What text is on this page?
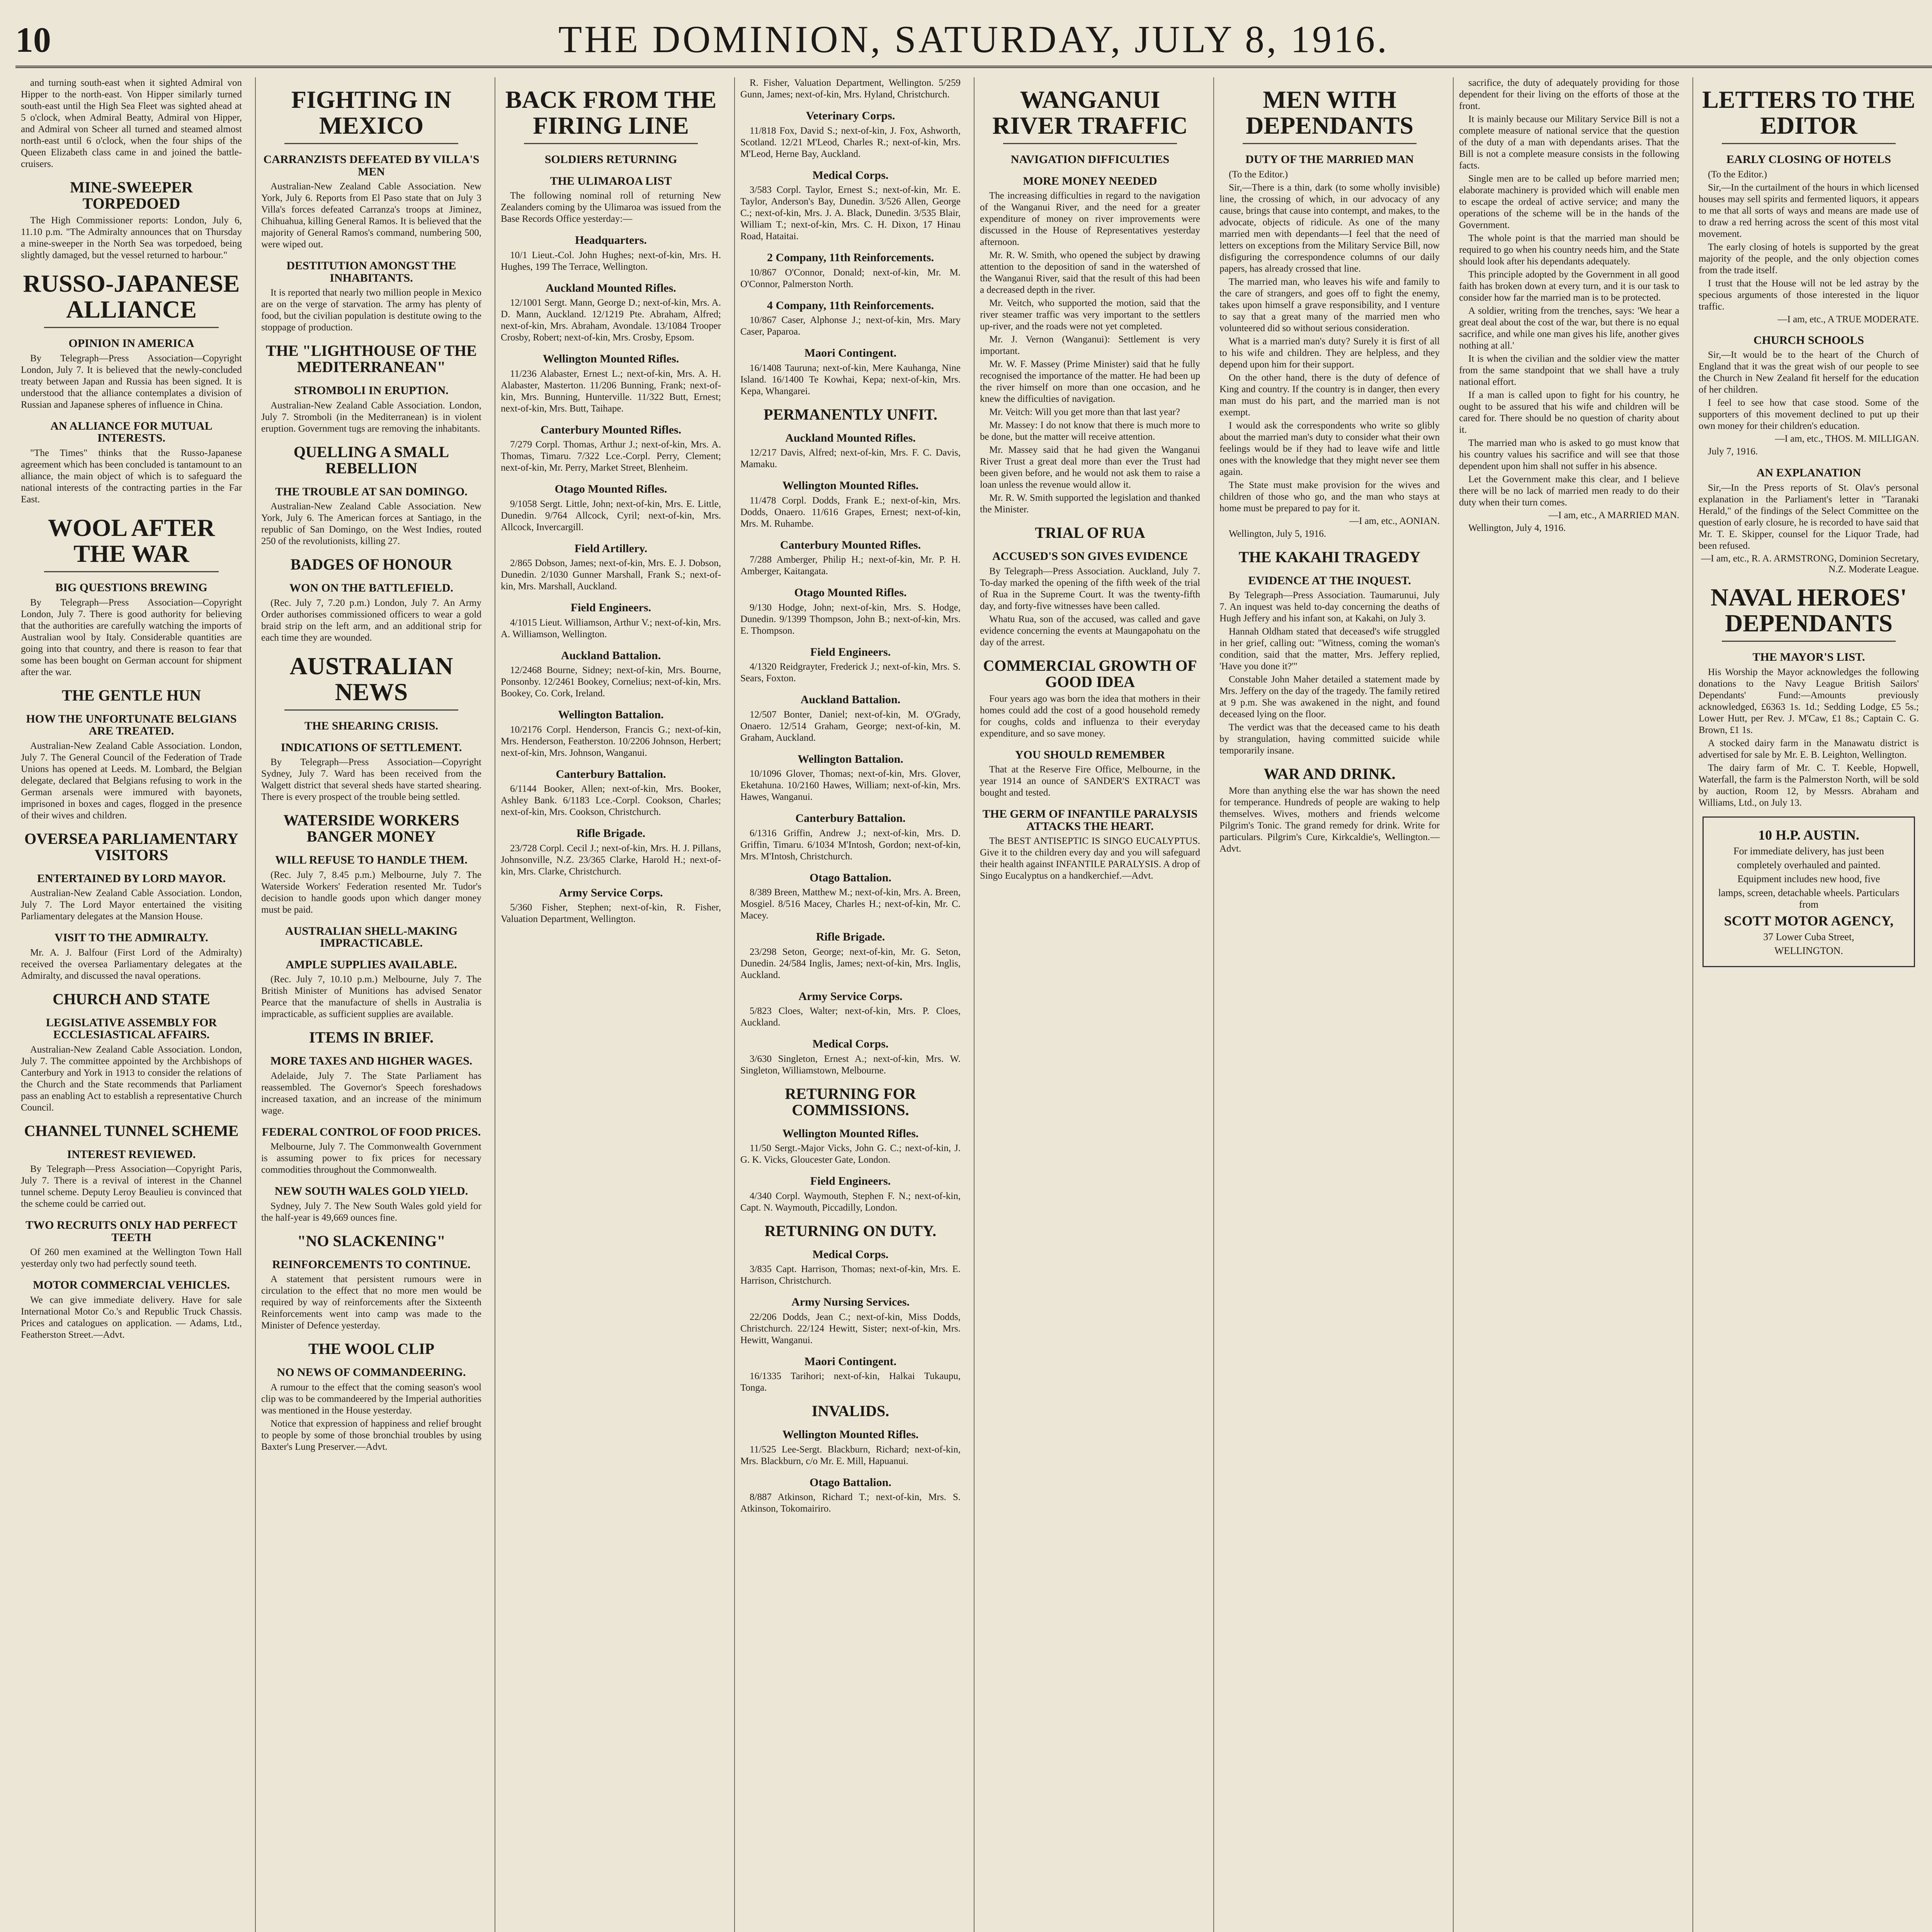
10	THE DOMINION, SATURDAY, JULY 8, 1916.

and turning south-east when it sighted Admiral von Hipper to the north-east. Von Hipper similarly turned south-east until the High Sea Fleet was sighted ahead at 5 o'clock, when Admiral Beatty, Admiral von Hipper, and Admiral von Scheer all turned and steamed almost north-east until 6 o'clock, when the four ships of the Queen Elizabeth class came in and joined the battle-cruisers.

MINE-SWEEPER TORPEDOED

The High Commissioner reports: London, July 6, 11.10 p.m. "The Admiralty announces that on Thursday a mine-sweeper in the North Sea was torpedoed, being slightly damaged, but the vessel returned to harbour."

RUSSO-JAPANESE ALLIANCE
OPINION IN AMERICA

By Telegraph—Press Association—Copyright London, July 7. It is believed that the newly-concluded treaty between Japan and Russia has been signed. It is understood that the alliance contemplates a division of Russian and Japanese spheres of influence in China.

AN ALLIANCE FOR MUTUAL INTERESTS.

"The Times" thinks that the Russo-Japanese agreement which has been concluded is tantamount to an alliance, the main object of which is to safeguard the national interests of the contracting parties in the Far East.

WOOL AFTER THE WAR
BIG QUESTIONS BREWING

By Telegraph—Press Association—Copyright London, July 7. There is good authority for believing that the authorities are carefully watching the imports of Australian wool by Italy. Considerable quantities are going into that country, and there is reason to fear that some has been bought on German account for shipment after the war.

THE GENTLE HUN
HOW THE UNFORTUNATE BELGIANS ARE TREATED.

Australian-New Zealand Cable Association. London, July 7. The General Council of the Federation of Trade Unions has opened at Leeds. M. Lombard, the Belgian delegate, declared that Belgians refusing to work in the German arsenals were immured with bayonets, imprisoned in boxes and cages, flogged in the presence of their wives and children.

OVERSEA PARLIAMENTARY VISITORS
ENTERTAINED BY LORD MAYOR.

Australian-New Zealand Cable Association. London, July 7. The Lord Mayor entertained the visiting Parliamentary delegates at the Mansion House.

VISIT TO THE ADMIRALTY.

Mr. A. J. Balfour (First Lord of the Admiralty) received the oversea Parliamentary delegates at the Admiralty, and discussed the naval operations.

CHURCH AND STATE
LEGISLATIVE ASSEMBLY FOR ECCLESIASTICAL AFFAIRS.

Australian-New Zealand Cable Association. London, July 7. The committee appointed by the Archbishops of Canterbury and York in 1913 to consider the relations of the Church and the State recommends that Parliament pass an enabling Act to establish a representative Church Council.

CHANNEL TUNNEL SCHEME
INTEREST REVIEWED.

By Telegraph—Press Association—Copyright Paris, July 7. There is a revival of interest in the Channel tunnel scheme. Deputy Leroy Beaulieu is convinced that the scheme could be carried out.

TWO RECRUITS ONLY HAD PERFECT TEETH

Of 260 men examined at the Wellington Town Hall yesterday only two had perfectly sound teeth.

MOTOR COMMERCIAL VEHICLES.

We can give immediate delivery. Have for sale International Motor Co.'s and Republic Truck Chassis. Prices and catalogues on application. — Adams, Ltd., Featherston Street.—Advt.

FIGHTING IN MEXICO
CARRANZISTS DEFEATED BY VILLA'S MEN

Australian-New Zealand Cable Association. New York, July 6. Reports from El Paso state that on July 3 Villa's forces defeated Carranza's troops at Jiminez, Chihuahua, killing General Ramos. It is believed that the majority of General Ramos's command, numbering 500, were wiped out.

DESTITUTION AMONGST THE INHABITANTS.

It is reported that nearly two million people in Mexico are on the verge of starvation. The army has plenty of food, but the civilian population is destitute owing to the stoppage of production.

THE "LIGHTHOUSE OF THE MEDITERRANEAN"
STROMBOLI IN ERUPTION.

Australian-New Zealand Cable Association. London, July 7. Stromboli (in the Mediterranean) is in violent eruption. Government tugs are removing the inhabitants.

QUELLING A SMALL REBELLION
THE TROUBLE AT SAN DOMINGO.

Australian-New Zealand Cable Association. New York, July 6. The American forces at Santiago, in the republic of San Domingo, on the West Indies, routed 250 of the revolutionists, killing 27.

BADGES OF HONOUR
WON ON THE BATTLEFIELD.

(Rec. July 7, 7.20 p.m.) London, July 7. An Army Order authorises commissioned officers to wear a gold braid strip on the left arm, and an additional strip for each time they are wounded.

AUSTRALIAN NEWS
THE SHEARING CRISIS.
INDICATIONS OF SETTLEMENT.

By Telegraph—Press Association—Copyright Sydney, July 7. Ward has been received from the Walgett district that several sheds have started shearing. There is every prospect of the trouble being settled.

WATERSIDE WORKERS BANGER MONEY
WILL REFUSE TO HANDLE THEM.

(Rec. July 7, 8.45 p.m.) Melbourne, July 7. The Waterside Workers' Federation resented Mr. Tudor's decision to handle goods upon which danger money must be paid.

AUSTRALIAN SHELL-MAKING IMPRACTICABLE.
AMPLE SUPPLIES AVAILABLE.

(Rec. July 7, 10.10 p.m.) Melbourne, July 7. The British Minister of Munitions has advised Senator Pearce that the manufacture of shells in Australia is impracticable, as sufficient supplies are available.

ITEMS IN BRIEF.
MORE TAXES AND HIGHER WAGES.

Adelaide, July 7. The State Parliament has reassembled. The Governor's Speech foreshadows increased taxation, and an increase of the minimum wage.

FEDERAL CONTROL OF FOOD PRICES.

Melbourne, July 7. The Commonwealth Government is assuming power to fix prices for necessary commodities throughout the Commonwealth.

NEW SOUTH WALES GOLD YIELD.

Sydney, July 7. The New South Wales gold yield for the half-year is 49,669 ounces fine.

"NO SLACKENING"
REINFORCEMENTS TO CONTINUE.

A statement that persistent rumours were in circulation to the effect that no more men would be required by way of reinforcements after the Sixteenth Reinforcements went into camp was made to the Minister of Defence yesterday.

THE WOOL CLIP
NO NEWS OF COMMANDEERING.

A rumour to the effect that the coming season's wool clip was to be commandeered by the Imperial authorities was mentioned in the House yesterday.

Notice that expression of happiness and relief brought to people by some of those bronchial troubles by using Baxter's Lung Preserver.—Advt.

BACK FROM THE FIRING LINE
SOLDIERS RETURNING
THE ULIMAROA LIST

The following nominal roll of returning New Zealanders coming by the Ulimaroa was issued from the Base Records Office yesterday:—

Headquarters.

10/1 Lieut.-Col. John Hughes; next-of-kin, Mrs. H. Hughes, 199 The Terrace, Wellington.

Auckland Mounted Rifles.

12/1001 Sergt. Mann, George D.; next-of-kin, Mrs. A. D. Mann, Auckland. 12/1219 Pte. Abraham, Alfred; next-of-kin, Mrs. Abraham, Avondale. 13/1084 Trooper Crosby, Robert; next-of-kin, Mrs. Crosby, Epsom.

Wellington Mounted Rifles.

11/236 Alabaster, Ernest L.; next-of-kin, Mrs. A. H. Alabaster, Masterton. 11/206 Bunning, Frank; next-of-kin, Mrs. Bunning, Hunterville. 11/322 Butt, Ernest; next-of-kin, Mrs. Butt, Taihape.

Canterbury Mounted Rifles.

7/279 Corpl. Thomas, Arthur J.; next-of-kin, Mrs. A. Thomas, Timaru. 7/322 Lce.-Corpl. Perry, Clement; next-of-kin, Mr. Perry, Market Street, Blenheim.

Otago Mounted Rifles.

9/1058 Sergt. Little, John; next-of-kin, Mrs. E. Little, Dunedin. 9/764 Allcock, Cyril; next-of-kin, Mrs. Allcock, Invercargill.

Field Artillery.

2/865 Dobson, James; next-of-kin, Mrs. E. J. Dobson, Dunedin. 2/1030 Gunner Marshall, Frank S.; next-of-kin, Mrs. Marshall, Auckland.

Field Engineers.

4/1015 Lieut. Williamson, Arthur V.; next-of-kin, Mrs. A. Williamson, Wellington.

Auckland Battalion.

12/2468 Bourne, Sidney; next-of-kin, Mrs. Bourne, Ponsonby. 12/2461 Bookey, Cornelius; next-of-kin, Mrs. Bookey, Co. Cork, Ireland.

Wellington Battalion.

10/2176 Corpl. Henderson, Francis G.; next-of-kin, Mrs. Henderson, Featherston. 10/2206 Johnson, Herbert; next-of-kin, Mrs. Johnson, Wanganui.

Canterbury Battalion.

6/1144 Booker, Allen; next-of-kin, Mrs. Booker, Ashley Bank. 6/1183 Lce.-Corpl. Cookson, Charles; next-of-kin, Mrs. Cookson, Christchurch.

Rifle Brigade.

23/728 Corpl. Cecil J.; next-of-kin, Mrs. H. J. Pillans, Johnsonville, N.Z. 23/365 Clarke, Harold H.; next-of-kin, Mrs. Clarke, Christchurch.

Army Service Corps.

5/360 Fisher, Stephen; next-of-kin, R. Fisher, Valuation Department, Wellington.

R. Fisher, Valuation Department, Wellington. 5/259 Gunn, James; next-of-kin, Mrs. Hyland, Christchurch.

Veterinary Corps.

11/818 Fox, David S.; next-of-kin, J. Fox, Ashworth, Scotland. 12/21 M'Leod, Charles R.; next-of-kin, Mrs. M'Leod, Herne Bay, Auckland.

Medical Corps.

3/583 Corpl. Taylor, Ernest S.; next-of-kin, Mr. E. Taylor, Anderson's Bay, Dunedin. 3/526 Allen, George C.; next-of-kin, Mrs. J. A. Black, Dunedin. 3/535 Blair, William T.; next-of-kin, Mrs. C. H. Dixon, 17 Hinau Road, Hataitai.

2 Company, 11th Reinforcements.

10/867 O'Connor, Donald; next-of-kin, Mr. M. O'Connor, Palmerston North.

4 Company, 11th Reinforcements.

10/867 Caser, Alphonse J.; next-of-kin, Mrs. Mary Caser, Paparoa.

Maori Contingent.

16/1408 Tauruna; next-of-kin, Mere Kauhanga, Nine Island. 16/1400 Te Kowhai, Kepa; next-of-kin, Mrs. Kepa, Whangarei.

PERMANENTLY UNFIT.
Auckland Mounted Rifles.

12/217 Davis, Alfred; next-of-kin, Mrs. F. C. Davis, Mamaku.

Wellington Mounted Rifles.

11/478 Corpl. Dodds, Frank E.; next-of-kin, Mrs. Dodds, Onaero. 11/616 Grapes, Ernest; next-of-kin, Mrs. M. Ruhambe.

Canterbury Mounted Rifles.

7/288 Amberger, Philip H.; next-of-kin, Mr. P. H. Amberger, Kaitangata.

Otago Mounted Rifles.

9/130 Hodge, John; next-of-kin, Mrs. S. Hodge, Dunedin. 9/1399 Thompson, John B.; next-of-kin, Mrs. E. Thompson.

Field Engineers.

4/1320 Reidgrayter, Frederick J.; next-of-kin, Mrs. S. Sears, Foxton.

Auckland Battalion.

12/507 Bonter, Daniel; next-of-kin, M. O'Grady, Onaero. 12/514 Graham, George; next-of-kin, M. Graham, Auckland.

Wellington Battalion.

10/1096 Glover, Thomas; next-of-kin, Mrs. Glover, Eketahuna. 10/2160 Hawes, William; next-of-kin, Mrs. Hawes, Wanganui.

Canterbury Battalion.

6/1316 Griffin, Andrew J.; next-of-kin, Mrs. D. Griffin, Timaru. 6/1034 M'Intosh, Gordon; next-of-kin, Mrs. M'Intosh, Christchurch.

Otago Battalion.

8/389 Breen, Matthew M.; next-of-kin, Mrs. A. Breen, Mosgiel. 8/516 Macey, Charles H.; next-of-kin, Mr. C. Macey.

Rifle Brigade.

23/298 Seton, George; next-of-kin, Mr. G. Seton, Dunedin. 24/584 Inglis, James; next-of-kin, Mrs. Inglis, Auckland.

Army Service Corps.

5/823 Cloes, Walter; next-of-kin, Mrs. P. Cloes, Auckland.

Medical Corps.

3/630 Singleton, Ernest A.; next-of-kin, Mrs. W. Singleton, Williamstown, Melbourne.

RETURNING FOR COMMISSIONS.
Wellington Mounted Rifles.

11/50 Sergt.-Major Vicks, John G. C.; next-of-kin, J. G. K. Vicks, Gloucester Gate, London.

Field Engineers.

4/340 Corpl. Waymouth, Stephen F. N.; next-of-kin, Capt. N. Waymouth, Piccadilly, London.

RETURNING ON DUTY.
Medical Corps.

3/835 Capt. Harrison, Thomas; next-of-kin, Mrs. E. Harrison, Christchurch.

Army Nursing Services.

22/206 Dodds, Jean C.; next-of-kin, Miss Dodds, Christchurch. 22/124 Hewitt, Sister; next-of-kin, Mrs. Hewitt, Wanganui.

Maori Contingent.

16/1335 Tarihori; next-of-kin, Halkai Tukaupu, Tonga.

INVALIDS.
Wellington Mounted Rifles.

11/525 Lee-Sergt. Blackburn, Richard; next-of-kin, Mrs. Blackburn, c/o Mr. E. Mill, Hapuanui.

Otago Battalion.

8/887 Atkinson, Richard T.; next-of-kin, Mrs. S. Atkinson, Tokomairiro.

WANGANUI RIVER TRAFFIC
NAVIGATION DIFFICULTIES
MORE MONEY NEEDED

The increasing difficulties in regard to the navigation of the Wanganui River, and the need for a greater expenditure of money on river improvements were discussed in the House of Representatives yesterday afternoon.

Mr. R. W. Smith, who opened the subject by drawing attention to the deposition of sand in the watershed of the Wanganui River, said that the result of this had been a decreased depth in the river.

Mr. Veitch, who supported the motion, said that the river steamer traffic was very important to the settlers up-river, and the roads were not yet completed.

Mr. J. Vernon (Wanganui): Settlement is very important.

Mr. W. F. Massey (Prime Minister) said that he fully recognised the importance of the matter. He had been up the river himself on more than one occasion, and he knew the difficulties of navigation.

Mr. Veitch: Will you get more than that last year?

Mr. Massey: I do not know that there is much more to be done, but the matter will receive attention.

Mr. Massey said that he had given the Wanganui River Trust a great deal more than ever the Trust had been given before, and he would not ask them to raise a loan unless the revenue would allow it.

Mr. R. W. Smith supported the legislation and thanked the Minister.

TRIAL OF RUA
ACCUSED'S SON GIVES EVIDENCE

By Telegraph—Press Association. Auckland, July 7. To-day marked the opening of the fifth week of the trial of Rua in the Supreme Court. It was the twenty-fifth day, and forty-five witnesses have been called.

Whatu Rua, son of the accused, was called and gave evidence concerning the events at Maungapohatu on the day of the arrest.

COMMERCIAL GROWTH OF GOOD IDEA

Four years ago was born the idea that mothers in their homes could add the cost of a good household remedy for coughs, colds and influenza to their everyday expenditure, and so save money.

YOU SHOULD REMEMBER

That at the Reserve Fire Office, Melbourne, in the year 1914 an ounce of SANDER'S EXTRACT was bought and tested.

THE GERM OF INFANTILE PARALYSIS ATTACKS THE HEART.

The BEST ANTISEPTIC IS SINGO EUCALYPTUS. Give it to the children every day and you will safeguard their health against INFANTILE PARALYSIS. A drop of Singo Eucalyptus on a handkerchief.—Advt.

MEN WITH DEPENDANTS
DUTY OF THE MARRIED MAN

(To the Editor.)

Sir,—There is a thin, dark (to some wholly invisible) line, the crossing of which, in our advocacy of any cause, brings that cause into contempt, and makes, to the advocate, objects of ridicule. As one of the many married men with dependants—I feel that the need of letters on exceptions from the Military Service Bill, now disfiguring the correspondence columns of our daily papers, has already crossed that line.

The married man, who leaves his wife and family to the care of strangers, and goes off to fight the enemy, takes upon himself a grave responsibility, and I venture to say that a great many of the married men who volunteered did so without serious consideration.

What is a married man's duty? Surely it is first of all to his wife and children. They are helpless, and they depend upon him for their support.

On the other hand, there is the duty of defence of King and country. If the country is in danger, then every man must do his part, and the married man is not exempt.

I would ask the correspondents who write so glibly about the married man's duty to consider what their own feelings would be if they had to leave wife and little ones with the knowledge that they might never see them again.

The State must make provision for the wives and children of those who go, and the man who stays at home must be prepared to pay for it.

—I am, etc., AONIAN.

Wellington, July 5, 1916.

THE KAKAHI TRAGEDY
EVIDENCE AT THE INQUEST.

By Telegraph—Press Association. Taumarunui, July 7. An inquest was held to-day concerning the deaths of Hugh Jeffery and his infant son, at Kakahi, on July 3.

Hannah Oldham stated that deceased's wife struggled in her grief, calling out: "Witness, coming the woman's condition, said that the matter, Mrs. Jeffery replied, 'Have you done it?'"

Constable John Maher detailed a statement made by Mrs. Jeffery on the day of the tragedy. The family retired at 9 p.m. She was awakened in the night, and found deceased lying on the floor.

The verdict was that the deceased came to his death by strangulation, having committed suicide while temporarily insane.

WAR AND DRINK.

More than anything else the war has shown the need for temperance. Hundreds of people are waking to help themselves. Wives, mothers and friends welcome Pilgrim's Tonic. The grand remedy for drink. Write for particulars. Pilgrim's Cure, Kirkcaldie's, Wellington.—Advt.

sacrifice, the duty of adequately providing for those dependent for their living on the efforts of those at the front.

It is mainly because our Military Service Bill is not a complete measure of national service that the question of the duty of a man with dependants arises. That the Bill is not a complete measure consists in the following facts.

Single men are to be called up before married men; elaborate machinery is provided which will enable men to escape the ordeal of active service; and many the operations of the scheme will be in the hands of the Government.

The whole point is that the married man should be required to go when his country needs him, and the State should look after his dependants adequately.

This principle adopted by the Government in all good faith has broken down at every turn, and it is our task to consider how far the married man is to be protected.

A soldier, writing from the trenches, says: 'We hear a great deal about the cost of the war, but there is no equal sacrifice, and while one man gives his life, another gives nothing at all.'

It is when the civilian and the soldier view the matter from the same standpoint that we shall have a truly national effort.

If a man is called upon to fight for his country, he ought to be assured that his wife and children will be cared for. There should be no question of charity about it.

The married man who is asked to go must know that his country values his sacrifice and will see that those dependent upon him shall not suffer in his absence.

Let the Government make this clear, and I believe there will be no lack of married men ready to do their duty when their turn comes.

—I am, etc., A MARRIED MAN.

Wellington, July 4, 1916.

LETTERS TO THE EDITOR
EARLY CLOSING OF HOTELS

(To the Editor.)

Sir,—In the curtailment of the hours in which licensed houses may sell spirits and fermented liquors, it appears to me that all sorts of ways and means are made use of to draw a red herring across the scent of this most vital movement.

The early closing of hotels is supported by the great majority of the people, and the only objection comes from the trade itself.

I trust that the House will not be led astray by the specious arguments of those interested in the liquor traffic.

—I am, etc., A TRUE MODERATE.
CHURCH SCHOOLS

Sir,—It would be to the heart of the Church of England that it was the great wish of our people to see the Church in New Zealand fit herself for the education of her children.

I feel to see how that case stood. Some of the supporters of this movement declined to put up their own money for their children's education.

—I am, etc., THOS. M. MILLIGAN.

July 7, 1916.

AN EXPLANATION

Sir,—In the Press reports of St. Olav's personal explanation in the Parliament's letter in "Taranaki Herald," of the findings of the Select Committee on the question of early closure, he is recorded to have said that Mr. T. E. Skipper, counsel for the Liquor Trade, had been refused.

—I am, etc., R. A. ARMSTRONG, Dominion Secretary, N.Z. Moderate League.
NAVAL HEROES' DEPENDANTS
THE MAYOR'S LIST.

His Worship the Mayor acknowledges the following donations to the Navy League British Sailors' Dependants' Fund:—Amounts previously acknowledged, £6363 1s. 1d.; Sedding Lodge, £5 5s.; Lower Hutt, per Rev. J. M'Caw, £1 8s.; Captain C. G. Brown, £1 1s.

A stocked dairy farm in the Manawatu district is advertised for sale by Mr. E. B. Leighton, Wellington.

The dairy farm of Mr. C. T. Keeble, Hopwell, Waterfall, the farm is the Palmerston North, will be sold by auction, Room 12, by Messrs. Abraham and Williams, Ltd., on July 13.

10 H.P. AUSTIN.
For immediate delivery, has just been
completely overhauled and painted.
Equipment includes new hood, five
lamps, screen, detachable wheels. Particulars from
SCOTT MOTOR AGENCY,
37 Lower Cuba Street,
WELLINGTON.
